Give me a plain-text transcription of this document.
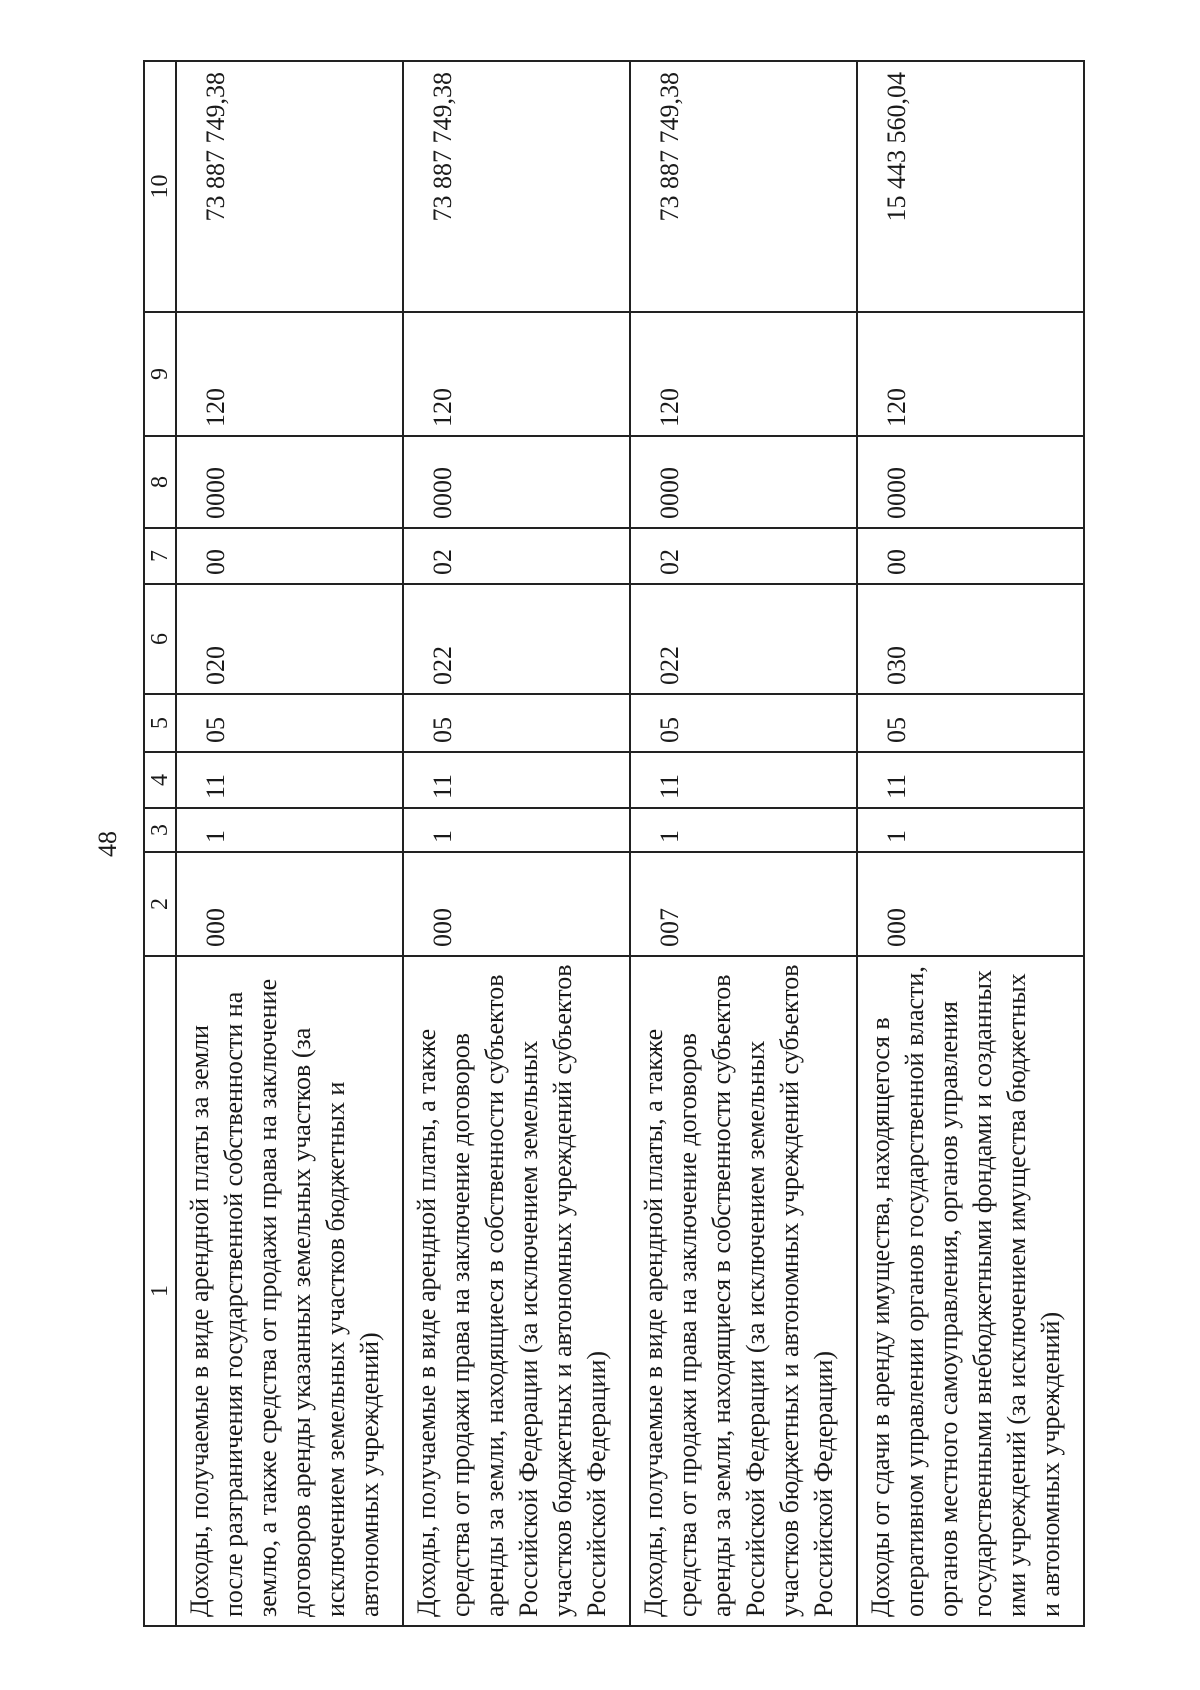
48
1	2	3	4	5	6	7	8	9	10
Доходы, получаемые в виде арендной платы за земли после разграничения государственной собственности на землю, а также средства от продажи права на заключение договоров аренды указанных земельных участков (за исключением земельных участков бюджетных и автономных учреждений)	000	1	11	05	020	00	0000	120	73 887 749,38
Доходы, получаемые в виде арендной платы, а также средства от продажи права на заключение договоров аренды за земли, находящиеся в собственности субъектов Российской Федерации (за исключением земельных участков бюджетных и автономных учреждений субъектов Российской Федерации)	000	1	11	05	022	02	0000	120	73 887 749,38
Доходы, получаемые в виде арендной платы, а также средства от продажи права на заключение договоров аренды за земли, находящиеся в собственности субъектов Российской Федерации (за исключением земельных участков бюджетных и автономных учреждений субъектов Российской Федерации)	007	1	11	05	022	02	0000	120	73 887 749,38
Доходы от сдачи в аренду имущества, находящегося в оперативном управлении органов государственной власти, органов местного самоуправления, органов управления государственными внебюджетными фондами и созданных ими учреждений (за исключением имущества бюджетных и автономных учреждений)	000	1	11	05	030	00	0000	120	15 443 560,04
